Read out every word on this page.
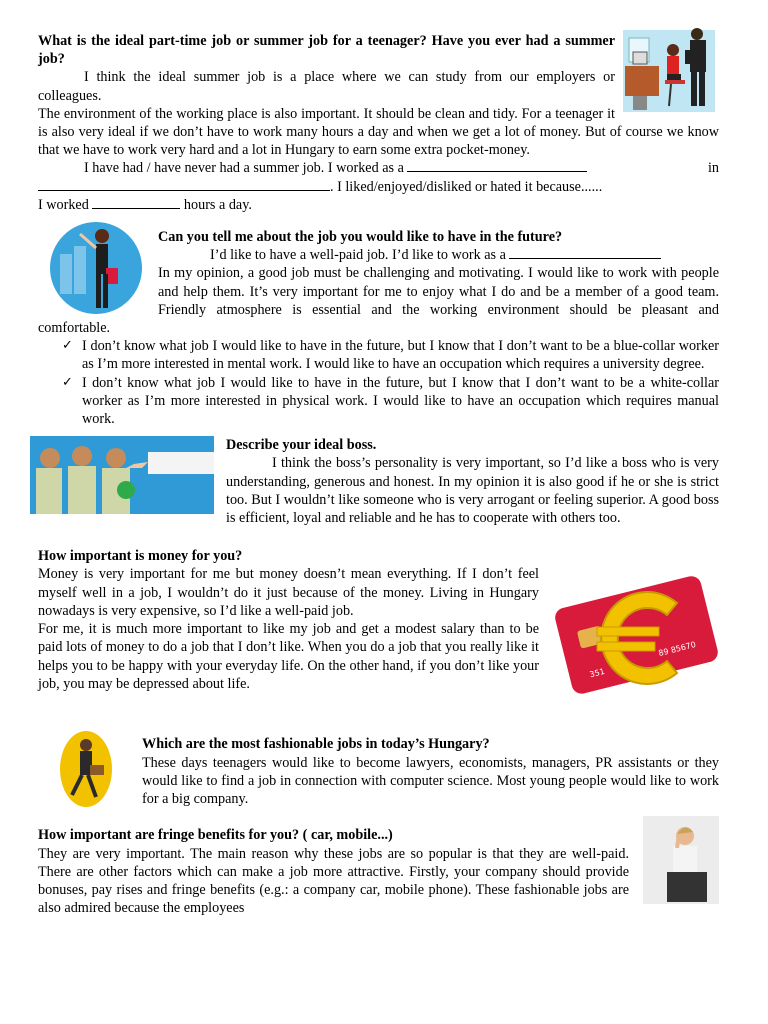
What is the ideal part-time job or summer job for a teenager? Have you ever had a summer job?

I think the ideal summer job is a place where we can study from our employers or colleagues.

The environment of the working place is also important. It should be clean and tidy. For a teenager it is also very ideal if we don’t have to work many hours a day and when we get a lot of money. But of course we know that we have to work very hard and a lot in Hungary to earn some extra pocket-money.

I have had / have never had a summer job. I worked as a	in

. I liked/enjoyed/disliked or hated it because......

I worked	hours a day.

Can you tell me about the job you would like to have in the future?

I’d like to have a well-paid job. I’d like to work as a

In my opinion, a good job must be challenging and motivating. I would like to work with people and help them. It’s very important for me to enjoy what I do and be a member of a good team. Friendly atmosphere is essential and the working environment should be pleasant and comfortable.

✓ I don’t know what job I would like to have in the future, but I know that I don’t want to be a blue-collar worker as I’m more interested in mental work. I would like to have an occupation which requires a university degree.
✓ I don’t know what job I would like to have in the future, but I know that I don’t want to be a white-collar worker as I’m more interested in physical work. I would like to have an occupation which requires manual work.

Describe your ideal boss.

I think the boss’s personality is very important, so I’d like a boss who is very understanding, generous and honest. In my opinion it is also good if he or she is strict too. But I wouldn’t like someone who is very arrogant or feeling superior. A good boss is efficient, loyal and reliable and he has to cooperate with others too.

How important is money for you?

351
89 85670

Money is very important for me but money doesn’t mean everything. If I don’t feel myself well in a job, I wouldn’t do it just because of the money. Living in Hungary nowadays is very expensive, so I’d like a well-paid job.

For me, it is much more important to like my job and get a modest salary than to be paid lots of money to do a job that I don’t like. When you do a job that you really like it helps you to be happy with your everyday life. On the other hand, if you don’t like your job, you may be depressed about life.

Which are the most fashionable jobs in today’s Hungary?

These days teenagers would like to become lawyers, economists, managers, PR assistants or they would like to find a job in connection with computer science. Most young people would like to work for a big company.

How important are fringe benefits for you? ( car, mobile...)

They are very important. The main reason why these jobs are so popular is that they are well-paid. There are other factors which can make a job more attractive. Firstly, your company should provide bonuses, pay rises and fringe benefits (e.g.: a company car, mobile phone). These fashionable jobs are also admired because the employees
